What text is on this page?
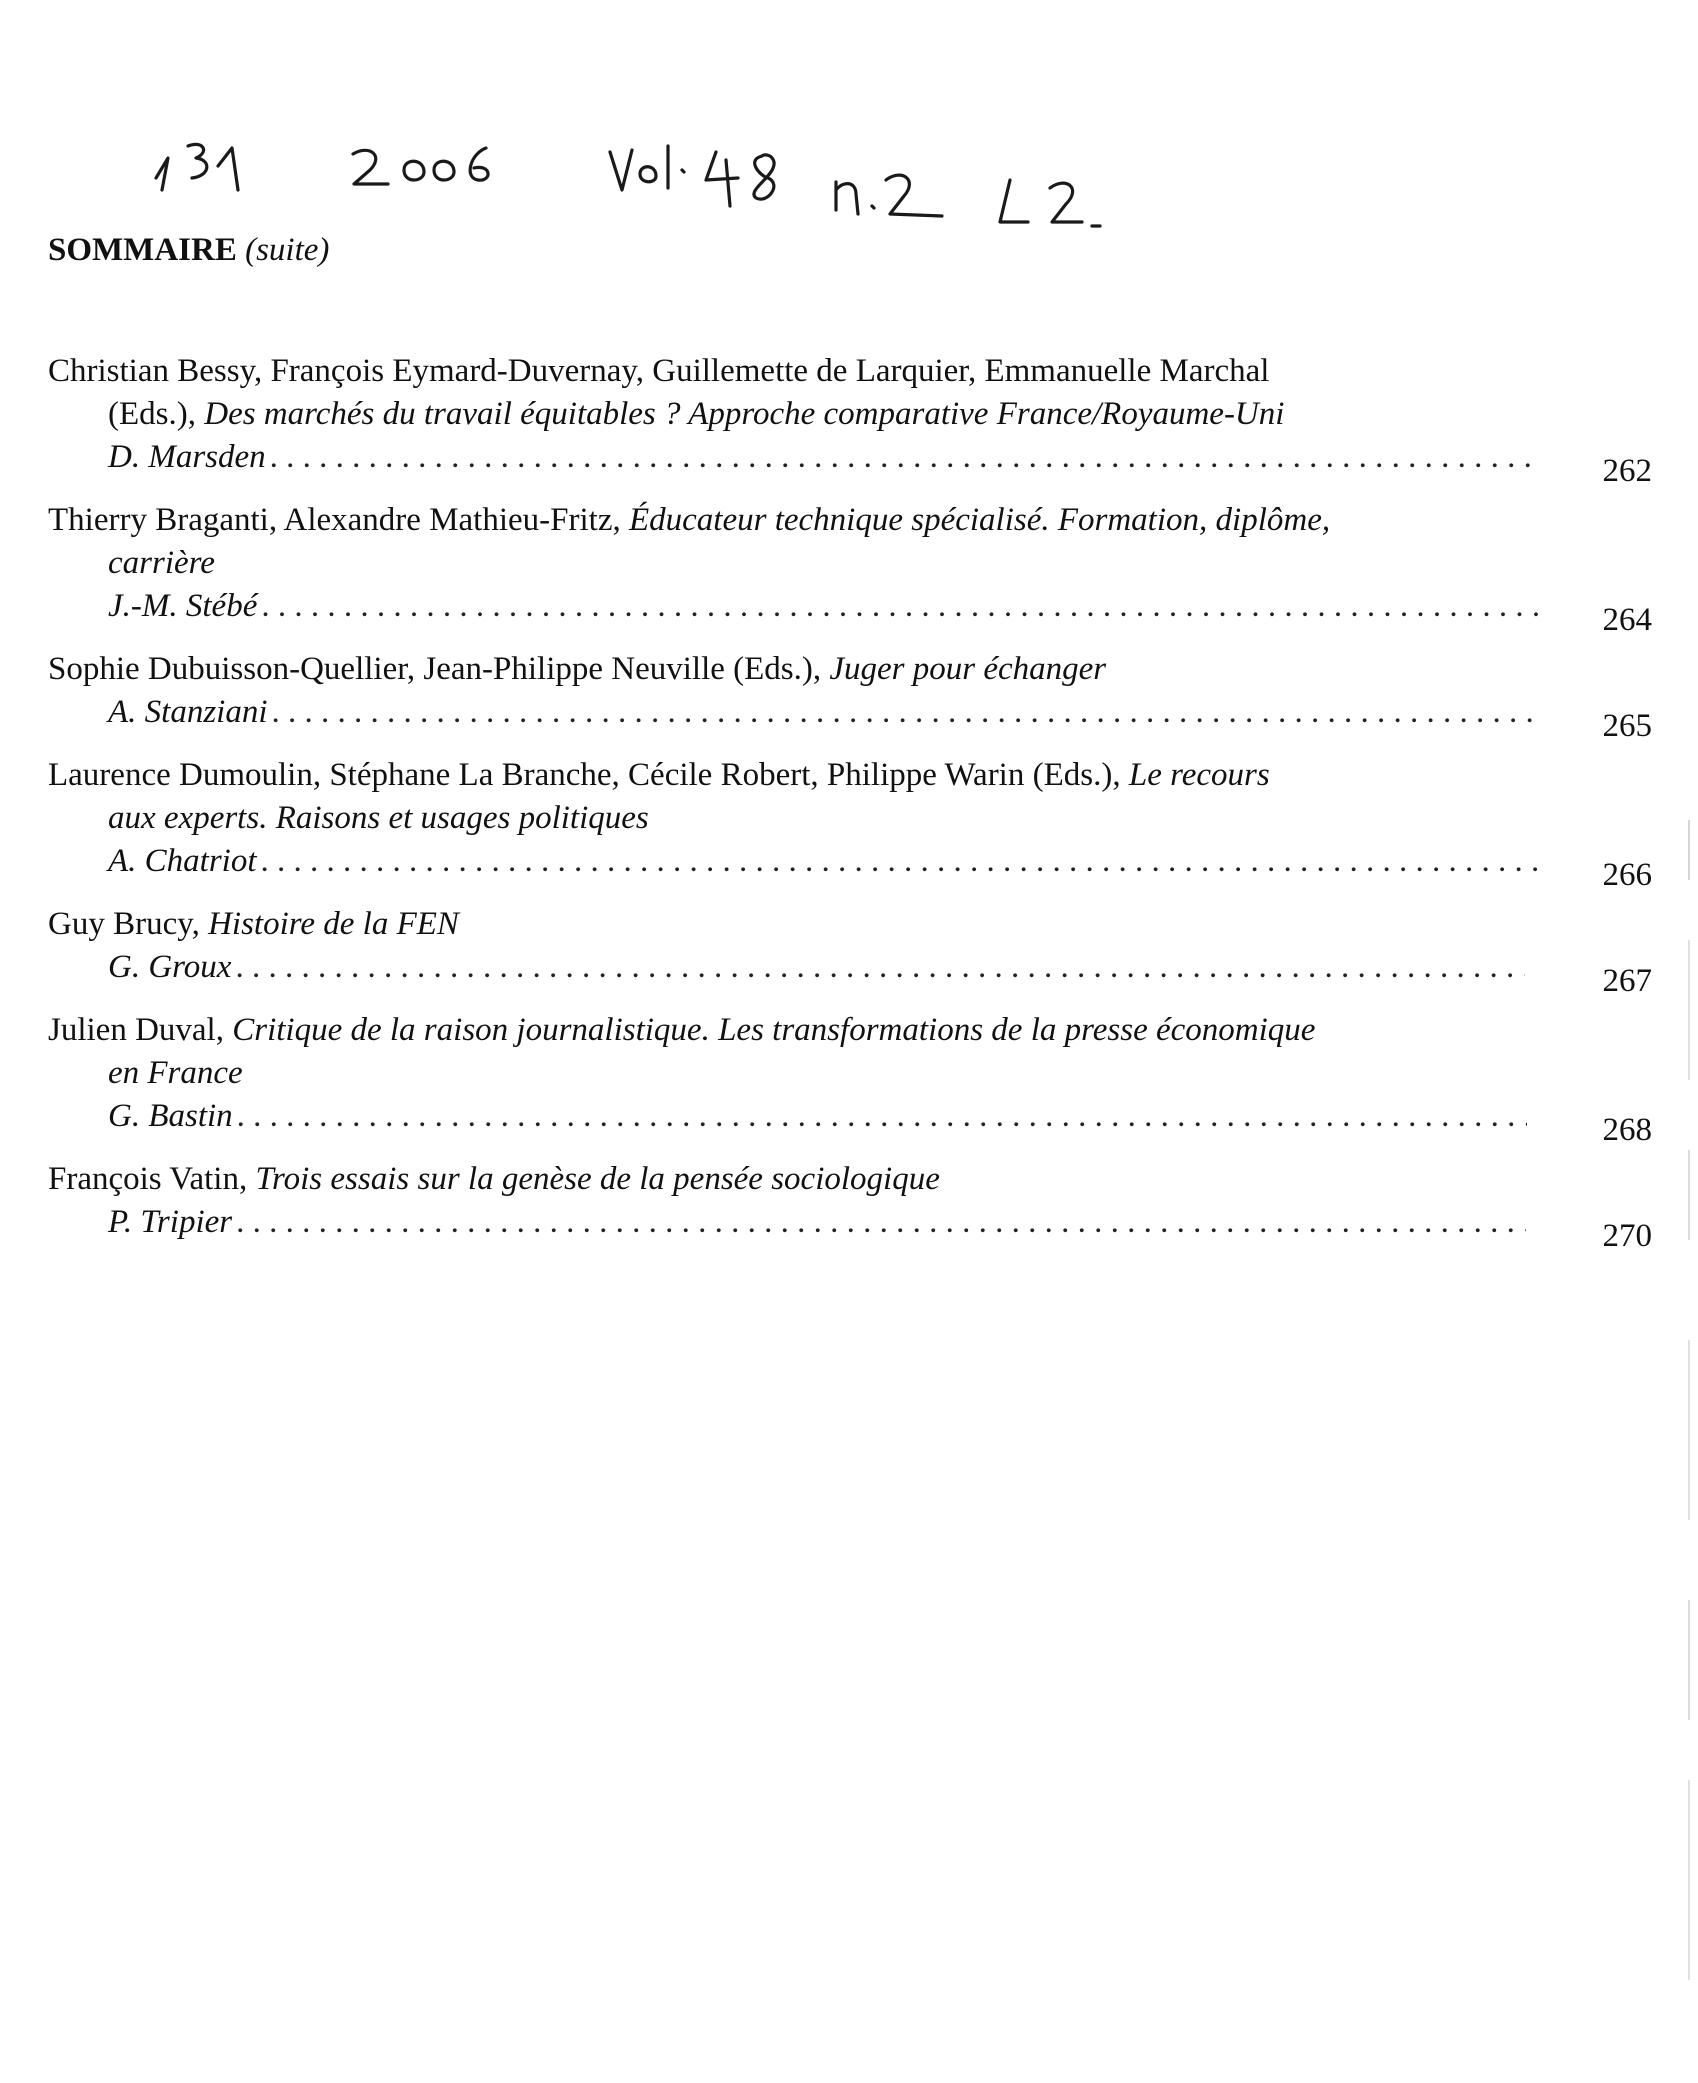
SOMMAIRE (suite)
Christian Bessy, François Eymard-Duvernay, Guillemette de Larquier, Emmanuelle Marchal
(Eds.), Des marchés du travail équitables ? Approche comparative France/Royaume-Uni
D. Marsden . . .	262
Thierry Braganti, Alexandre Mathieu-Fritz, Éducateur technique spécialisé. Formation, diplôme,
carrière
J.-M. Stébé . . .	264
Sophie Dubuisson-Quellier, Jean-Philippe Neuville (Eds.), Juger pour échanger
A. Stanziani . . .	265
Laurence Dumoulin, Stéphane La Branche, Cécile Robert, Philippe Warin (Eds.), Le recours
aux experts. Raisons et usages politiques
A. Chatriot . . .	266
Guy Brucy, Histoire de la FEN
G. Groux . . .	267
Julien Duval, Critique de la raison journalistique. Les transformations de la presse économique
en France
G. Bastin . . .	268
François Vatin, Trois essais sur la genèse de la pensée sociologique
P. Tripier . . .	270
